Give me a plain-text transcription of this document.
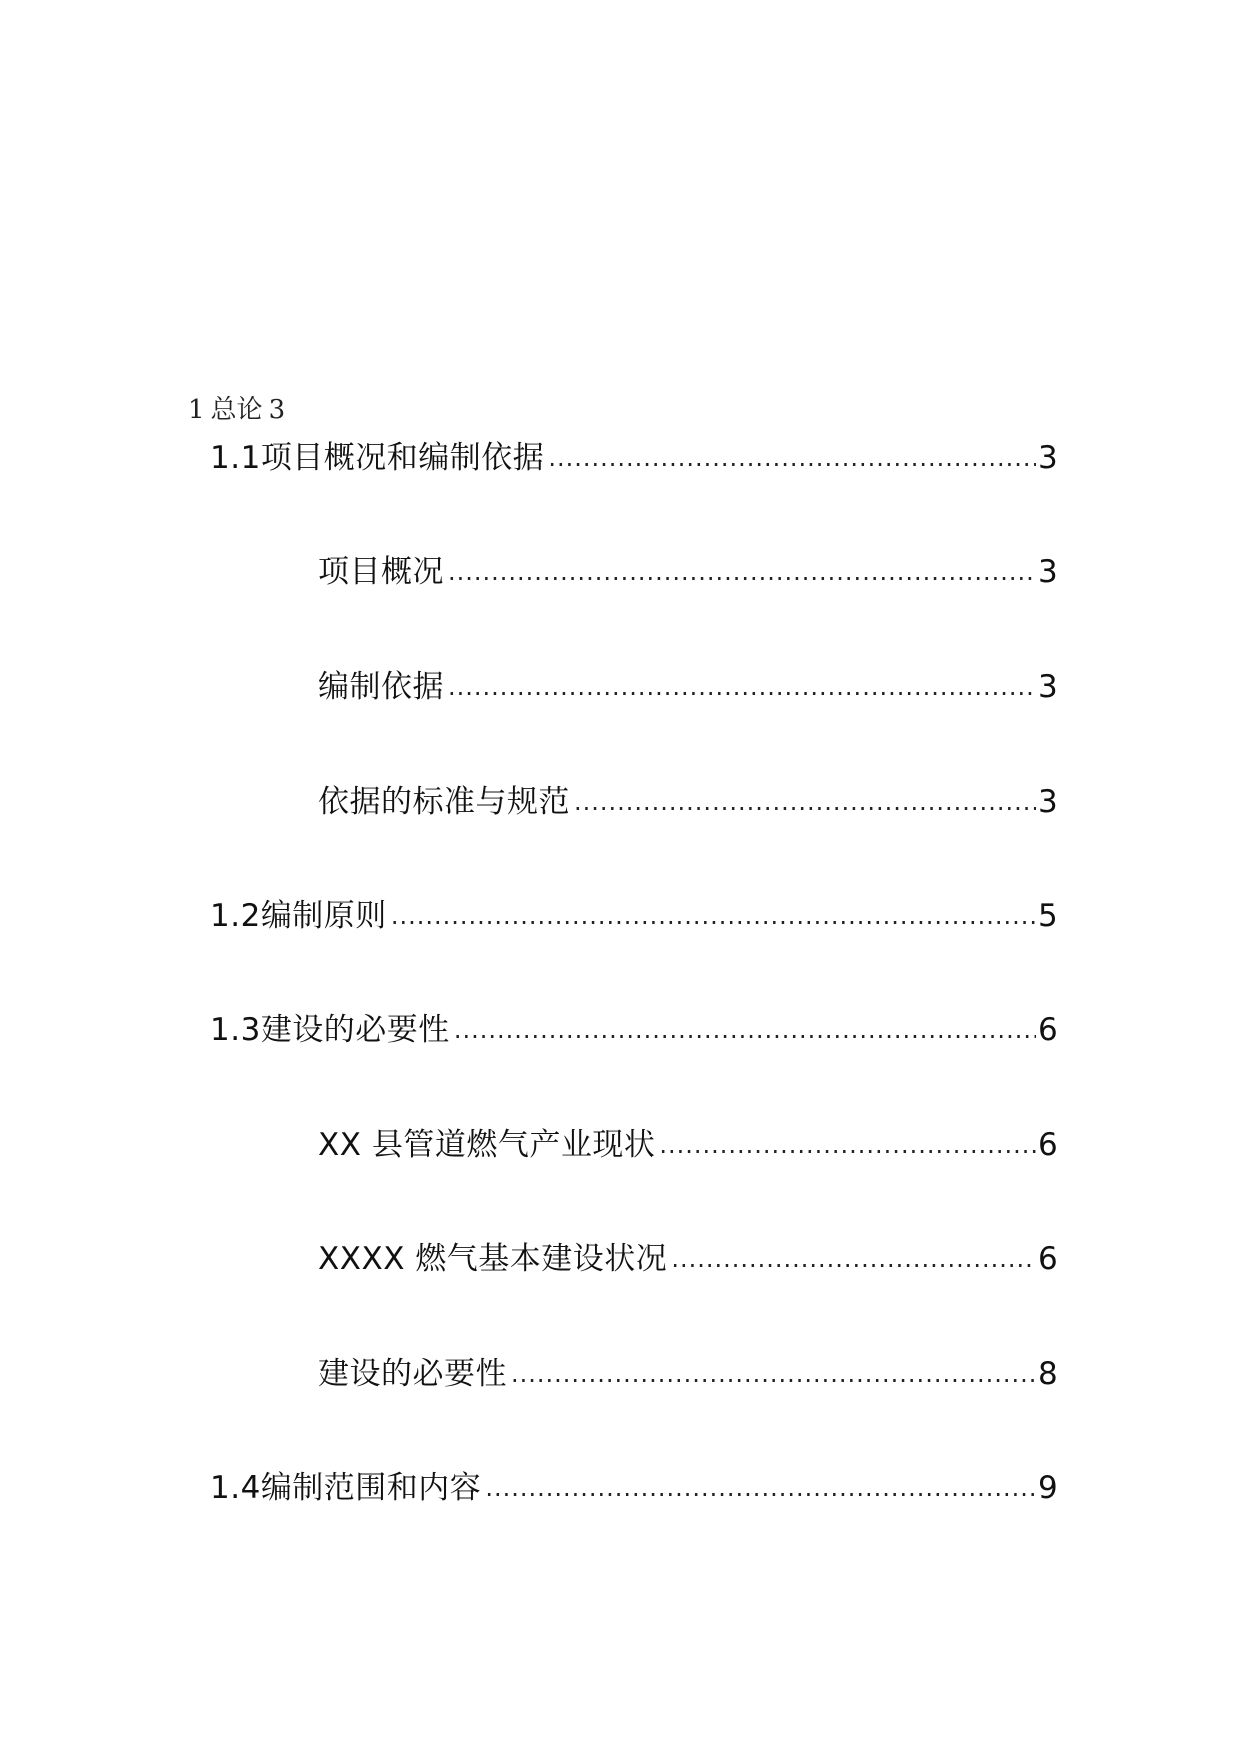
1 总论 3
1.1 项目概况和编制依据 .....	3
项目概况 .....	3
编制依据 .....	3
依据的标准与规范 .....	3
1.2 编制原则 .....	5
1.3 建设的必要性 .....	6
XX 县管道燃气产业现状 .....	6
XXXX 燃气基本建设状况 .....	6
建设的必要性 .....	8
1.4 编制范围和内容 .....	9
